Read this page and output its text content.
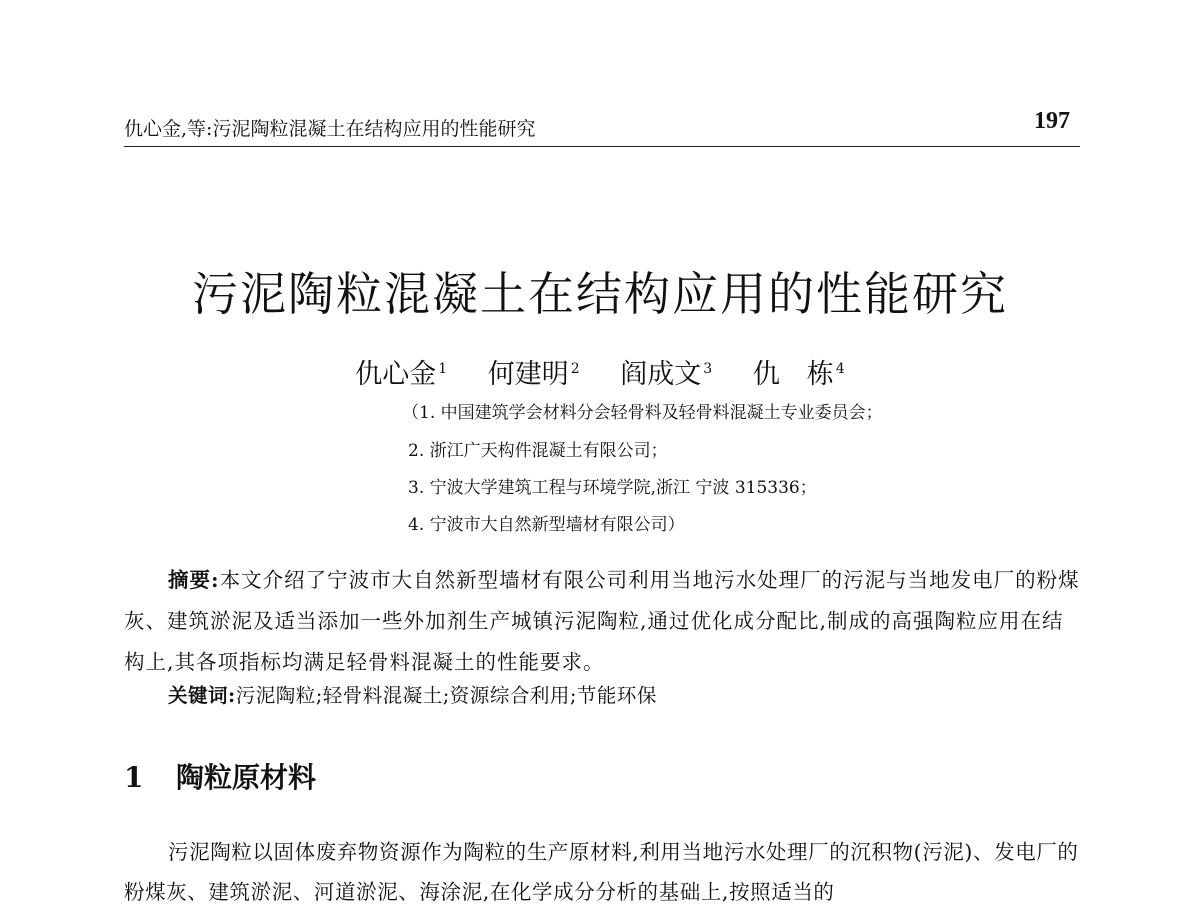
仇心金,等:污泥陶粒混凝土在结构应用的性能研究	197
污泥陶粒混凝土在结构应用的性能研究
仇心金 $^1$ 何建明 $^2$ 阎成文 $^3$ 仇　栋 $^4$
（1. 中国建筑学会材料分会轻骨料及轻骨料混凝土专业委员会；
2. 浙江广天构件混凝土有限公司；
3. 宁波大学建筑工程与环境学院,浙江 宁波 315336；
4. 宁波市大自然新型墙材有限公司）
摘要:本文介绍了宁波市大自然新型墙材有限公司利用当地污水处理厂的污泥与当地发电厂的粉煤灰、建筑淤泥及适当添加一些外加剂生产城镇污泥陶粒,通过优化成分配比,制成的高强陶粒应用在结构上,其各项指标均满足轻骨料混凝土的性能要求。
关键词:污泥陶粒;轻骨料混凝土;资源综合利用;节能环保
1 陶粒原材料
污泥陶粒以固体废弃物资源作为陶粒的生产原材料,利用当地污水处理厂的沉积物(污泥)、发电厂的粉煤灰、建筑淤泥、河道淤泥、海涂泥,在化学成分分析的基础上,按照适当的
